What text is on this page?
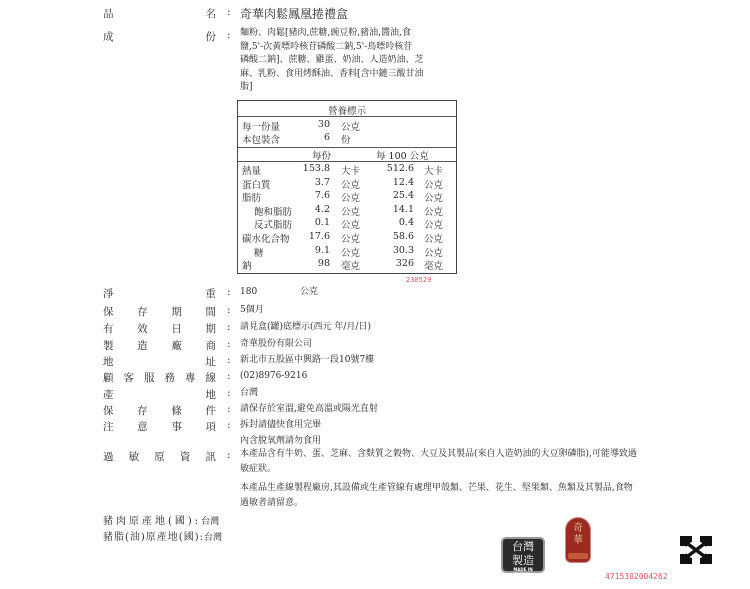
品	名 : 奇華肉鬆鳳凰捲禮盒
成	份 : 麵粉、肉鬆[豬肉,蔗糖,豌豆粉,豬油,醬油,食
鹽,5'-次黃嘌呤核苷磷酸二鈉,5'-鳥嘌呤核苷
磷酸二鈉]、蔗糖、雞蛋、奶油、人造奶油、芝
麻、乳粉、食用烤酥油、香料[含中鏈三酸甘油
脂]
營養標示
每一份量	30 公克
本包裝含	6 份
每份	每 100 公克
熱量	153.8 大卡	512.6 大卡
蛋白質	3.7 公克	12.4 公克
脂肪	7.6 公克	25.4 公克
飽和脂肪	4.2 公克	14.1 公克
反式脂肪	0.1 公克	0.4 公克
碳水化合物	17.6 公克	58.6 公克
糖	9.1 公克	30.3 公克
鈉	98 毫克	326 毫克
230529
淨	重 : 180	公克
保 存 期 間 : 5個月
有 效 日 期 : 請見盒(罐)底標示(西元 年/月/日)
製 造 廠 商 : 奇華股份有限公司
地	址 : 新北市五股區中興路一段10號7樓
顧 客 服 務 專 線 : (02)8976-9216
產	地 : 台灣
保 存 條 件 : 請保存於室溫,避免高溫或陽光直射
注 意 事 項 : 拆封請儘快食用完畢
內含脫氧劑請勿食用
過 敏 原 資 訊 : 本產品含有牛奶、蛋、芝麻、含麩質之穀物、大豆及其製品(來自人造奶油的大豆卵磷脂),可能導致過
敏症狀。
本產品生產線製程廠房,其設備或生產管線有處理甲殼類、芒果、花生、堅果類、魚類及其製品,食物
過敏者請留意。
豬肉原產地(國):台灣
豬脂(油)原產地(國):台灣
台灣
製造
MADE IN
TAIWAN
奇
華
4715302004262
